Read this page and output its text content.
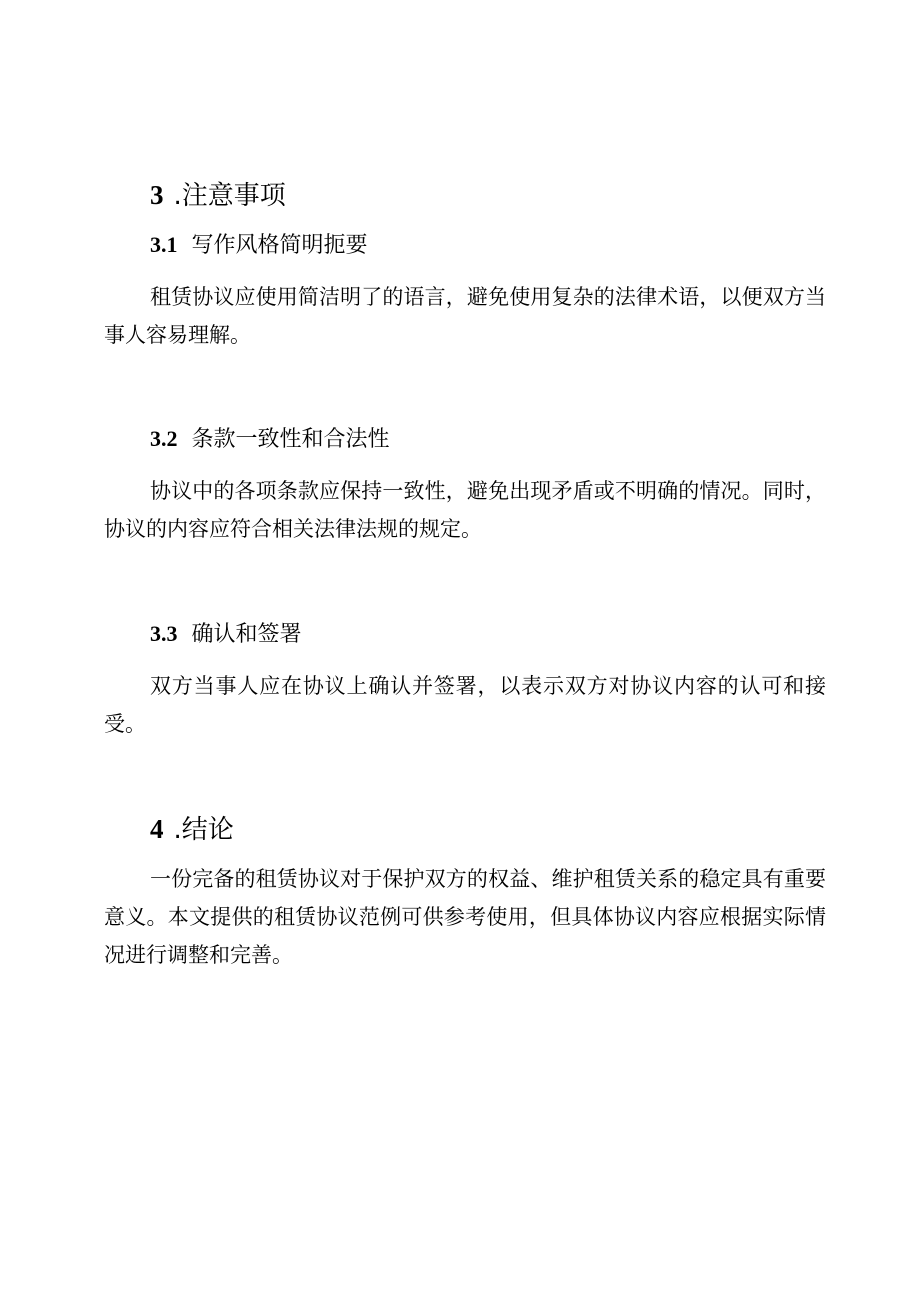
3 .注意事项
3.1 写作风格简明扼要

租赁协议应使用简洁明了的语言，避免使用复杂的法律术语，以便双方当事人容易理解。

3.2 条款一致性和合法性

协议中的各项条款应保持一致性，避免出现矛盾或不明确的情况。同时，协议的内容应符合相关法律法规的规定。

3.3 确认和签署

双方当事人应在协议上确认并签署，以表示双方对协议内容的认可和接受。

4 .结论

一份完备的租赁协议对于保护双方的权益、维护租赁关系的稳定具有重要意义。本文提供的租赁协议范例可供参考使用，但具体协议内容应根据实际情况进行调整和完善。
